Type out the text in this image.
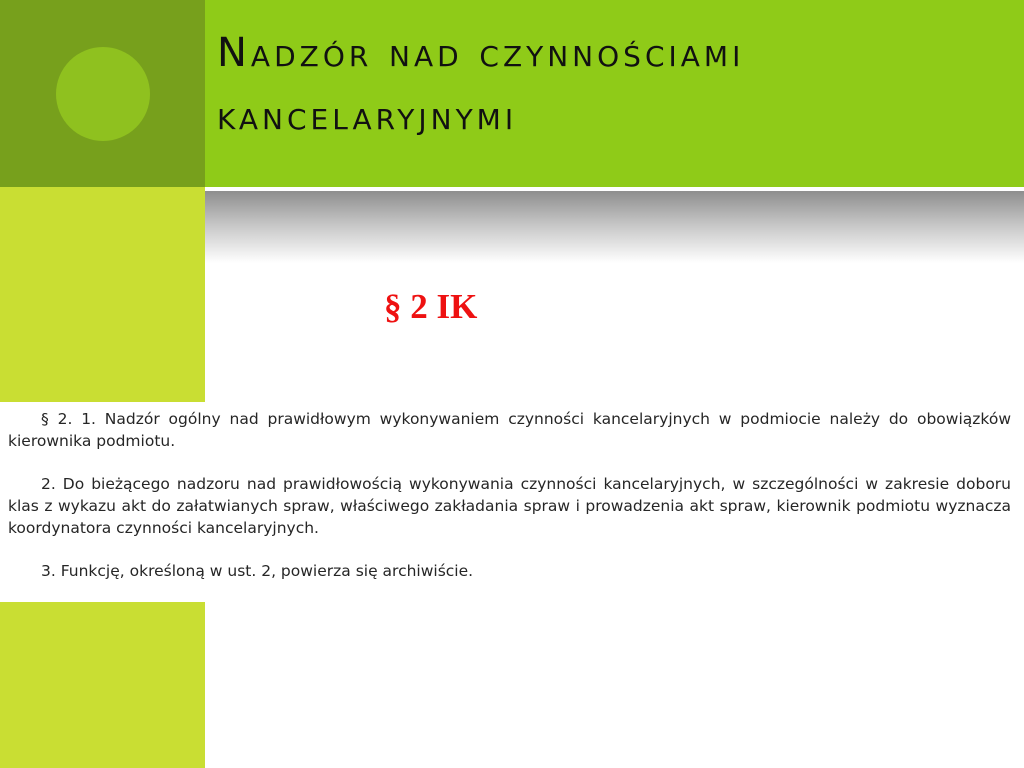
Nadzór nad czynnościami kancelaryjnymi
§ 2 IK

§ 2. 1. Nadzór ogólny nad prawidłowym wykonywaniem czynności kancelaryjnych w podmiocie należy do obowiązków kierownika podmiotu.

2. Do bieżącego nadzoru nad prawidłowością wykonywania czynności kancelaryjnych, w szczególności w zakresie doboru klas z wykazu akt do załatwianych spraw, właściwego zakładania spraw i prowadzenia akt spraw, kierownik podmiotu wyznacza koordynatora czynności kancelaryjnych.

3. Funkcję, określoną w ust. 2, powierza się archiwiście.
